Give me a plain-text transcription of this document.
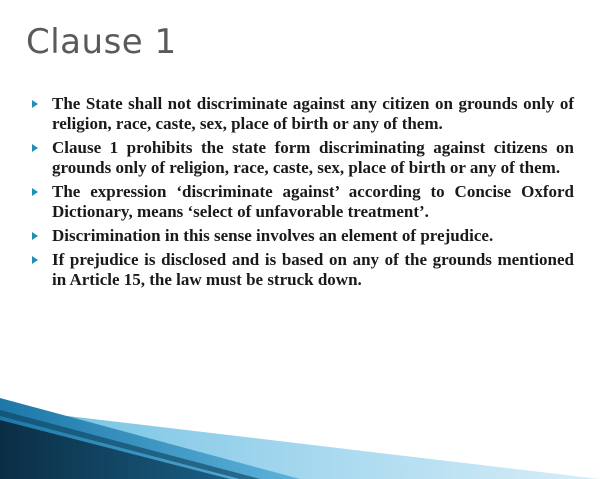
Clause 1
The State shall not discriminate against any citizen on grounds only of religion, race, caste, sex, place of birth or any of them.
Clause 1 prohibits the state form discriminating against citizens on grounds only of religion, race, caste, sex, place of birth or any of them.
The expression ‘discriminate against’ according to Concise Oxford Dictionary, means ‘select of unfavorable treatment’.
Discrimination in this sense involves an element of prejudice.
If prejudice is disclosed and is based on any of the grounds mentioned in Article 15, the law must be struck down.
